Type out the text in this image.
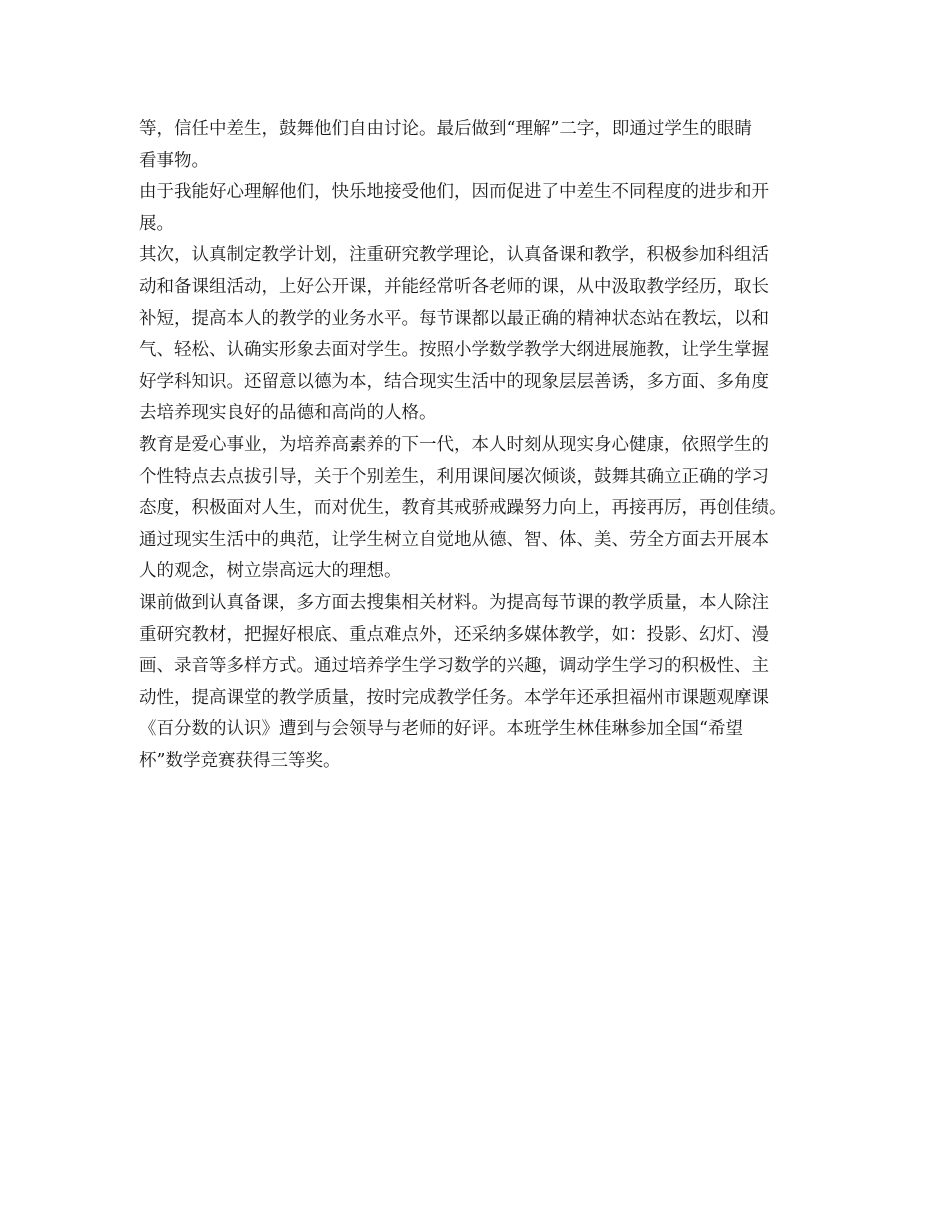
等，信任中差生，鼓舞他们自由讨论。最后做到“理解”二字，即通过学生的眼睛
看事物。
由于我能好心理解他们，快乐地接受他们，因而促进了中差生不同程度的进步和开
展。
其次，认真制定教学计划，注重研究教学理论，认真备课和教学，积极参加科组活
动和备课组活动，上好公开课，并能经常听各老师的课，从中汲取教学经历，取长
补短，提高本人的教学的业务水平。每节课都以最正确的精神状态站在教坛，以和
气、轻松、认确实形象去面对学生。按照小学数学教学大纲进展施教，让学生掌握
好学科知识。还留意以德为本，结合现实生活中的现象层层善诱，多方面、多角度
去培养现实良好的品德和高尚的人格。
教育是爱心事业，为培养高素养的下一代，本人时刻从现实身心健康，依照学生的
个性特点去点拔引导，关于个别差生，利用课间屡次倾谈，鼓舞其确立正确的学习
态度，积极面对人生，而对优生，教育其戒骄戒躁努力向上，再接再厉，再创佳绩。
通过现实生活中的典范，让学生树立自觉地从德、智、体、美、劳全方面去开展本
人的观念，树立崇高远大的理想。
课前做到认真备课，多方面去搜集相关材料。为提高每节课的教学质量，本人除注
重研究教材，把握好根底、重点难点外，还采纳多媒体教学，如：投影、幻灯、漫
画、录音等多样方式。通过培养学生学习数学的兴趣，调动学生学习的积极性、主
动性，提高课堂的教学质量，按时完成教学任务。本学年还承担福州市课题观摩课
《百分数的认识》遭到与会领导与老师的好评。本班学生林佳琳参加全国“希望
杯”数学竞赛获得三等奖。
